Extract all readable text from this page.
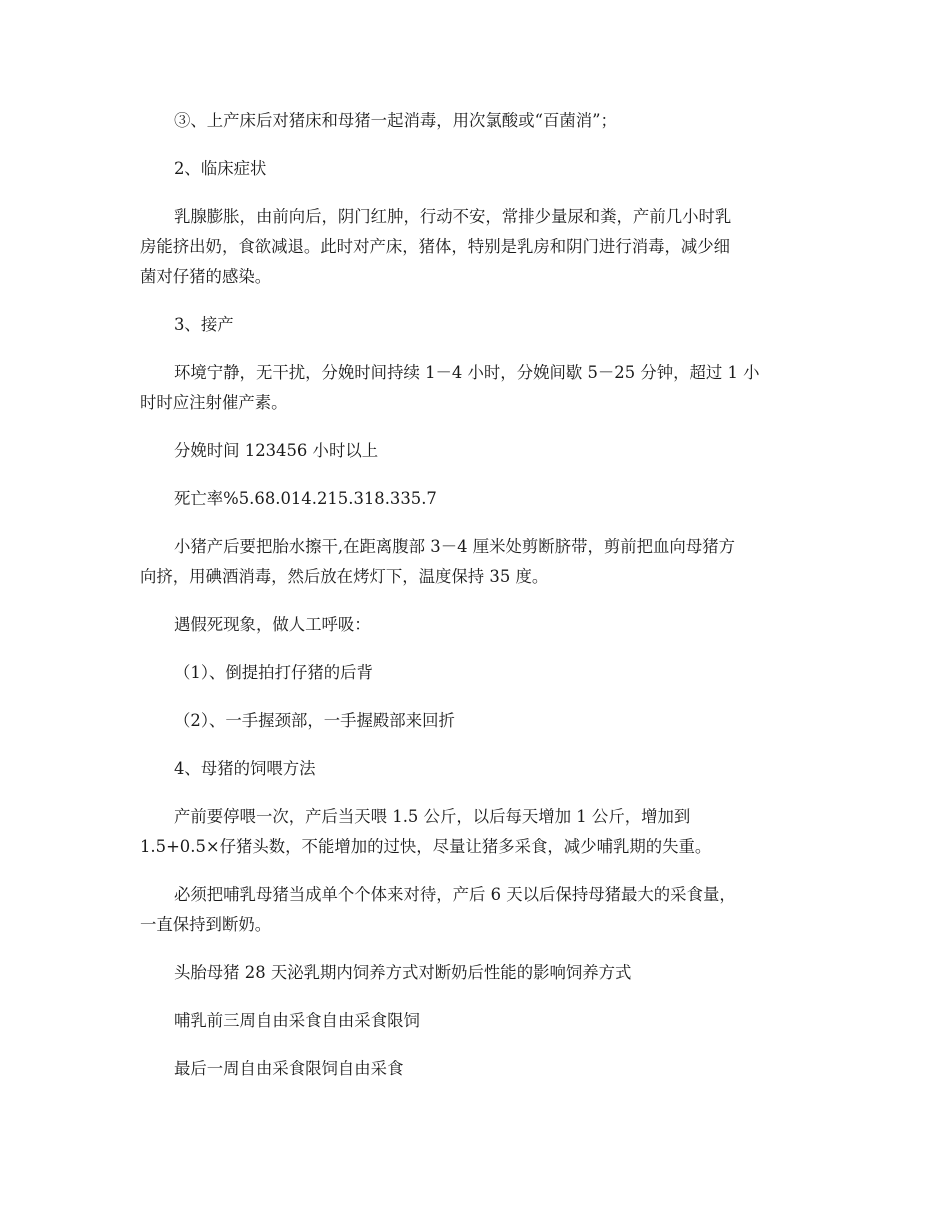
③、上产床后对猪床和母猪一起消毒，用次氯酸或“百菌消”；

2、临床症状

乳腺膨胀，由前向后，阴门红肿，行动不安，常排少量尿和粪，产前几小时乳
房能挤出奶，食欲减退。此时对产床，猪体，特别是乳房和阴门进行消毒，减少细
菌对仔猪的感染。

3、接产

环境宁静，无干扰，分娩时间持续 1－4 小时，分娩间歇 5－25 分钟，超过 1 小
时时应注射催产素。

分娩时间 123456 小时以上

死亡率%5.68.014.215.318.335.7

小猪产后要把胎水擦干,在距离腹部 3－4 厘米处剪断脐带，剪前把血向母猪方
向挤，用碘酒消毒，然后放在烤灯下，温度保持 35 度。

遇假死现象，做人工呼吸：

（1）、倒提拍打仔猪的后背

（2）、一手握颈部，一手握殿部来回折

4、母猪的饲喂方法

产前要停喂一次，产后当天喂 1.5 公斤，以后每天增加 1 公斤，增加到
1.5+0.5×仔猪头数，不能增加的过快，尽量让猪多采食，减少哺乳期的失重。

必须把哺乳母猪当成单个个体来对待，产后 6 天以后保持母猪最大的采食量，
一直保持到断奶。

头胎母猪 28 天泌乳期内饲养方式对断奶后性能的影响饲养方式

哺乳前三周自由采食自由采食限饲

最后一周自由采食限饲自由采食
